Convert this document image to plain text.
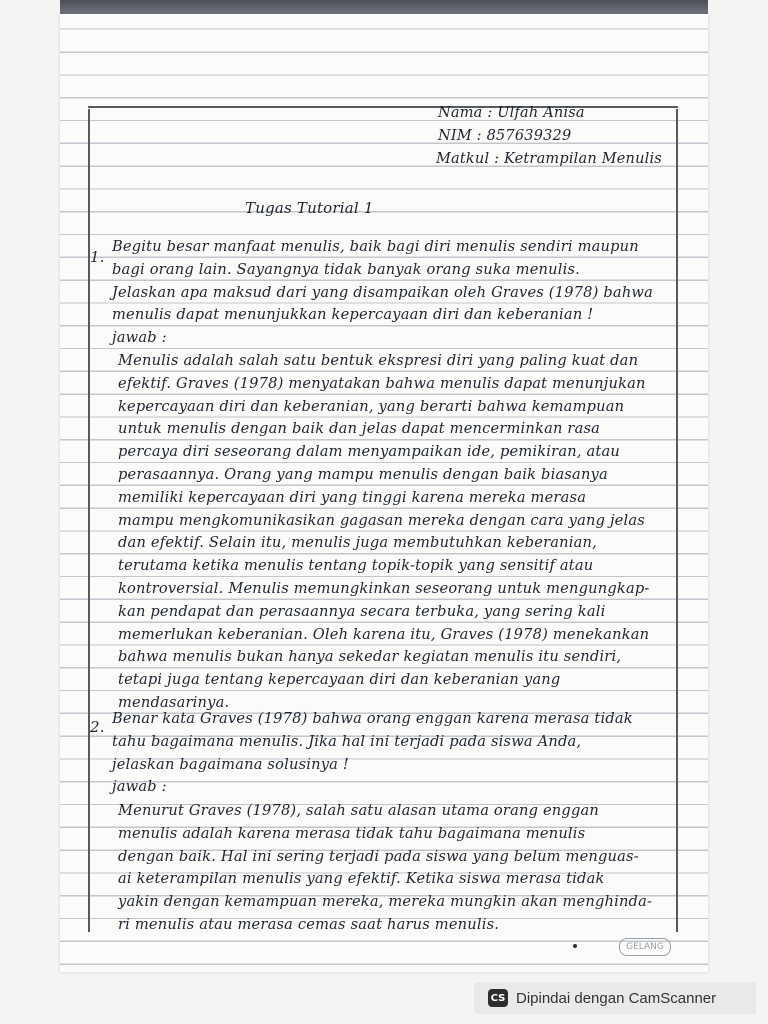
Nama : Ulfah Anisa

NIM : 857639329

Matkul : Ketrampilan Menulis

Tugas Tutorial 1

1.

Begitu besar manfaat menulis, baik bagi diri menulis sendiri maupun
bagi orang lain. Sayangnya tidak banyak orang suka menulis.
Jelaskan apa maksud dari yang disampaikan oleh Graves (1978) bahwa
menulis dapat menunjukkan kepercayaan diri dan keberanian !
jawab :
Menulis adalah salah satu bentuk ekspresi diri yang paling kuat dan
efektif. Graves (1978) menyatakan bahwa menulis dapat menunjukan
kepercayaan diri dan keberanian, yang berarti bahwa kemampuan
untuk menulis dengan baik dan jelas dapat mencerminkan rasa
percaya diri seseorang dalam menyampaikan ide, pemikiran, atau
perasaannya. Orang yang mampu menulis dengan baik biasanya
memiliki kepercayaan diri yang tinggi karena mereka merasa
mampu mengkomunikasikan gagasan mereka dengan cara yang jelas
dan efektif. Selain itu, menulis juga membutuhkan keberanian,
terutama ketika menulis tentang topik-topik yang sensitif atau
kontroversial. Menulis memungkinkan seseorang untuk mengungkap-
kan pendapat dan perasaannya secara terbuka, yang sering kali
memerlukan keberanian. Oleh karena itu, Graves (1978) menekankan
bahwa menulis bukan hanya sekedar kegiatan menulis itu sendiri,
tetapi juga tentang kepercayaan diri dan keberanian yang
mendasarinya.

2. Benar kata Graves (1978) bahwa orang enggan karena merasa tidak
tahu bagaimana menulis. Jika hal ini terjadi pada siswa Anda,
jelaskan bagaimana solusinya !
jawab :
Menurut Graves (1978), salah satu alasan utama orang enggan
menulis adalah karena merasa tidak tahu bagaimana menulis
dengan baik. Hal ini sering terjadi pada siswa yang belum menguas-
ai keterampilan menulis yang efektif. Ketika siswa merasa tidak
yakin dengan kemampuan mereka, mereka mungkin akan menghinda-
ri menulis atau merasa cemas saat harus menulis.
GELANG
CS Dipindai dengan CamScanner
